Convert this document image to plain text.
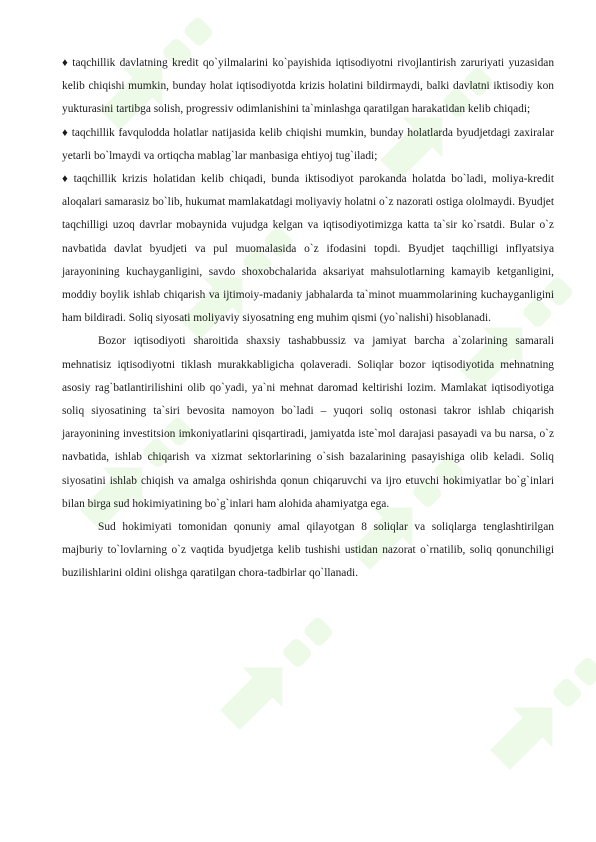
♦ taqchillik davlatning kredit qo`yilmalarini ko`payishida iqtisodiyotni rivojlantirish zaruriyati yuzasidan kelib chiqishi mumkin, bunday holat iqtisodiyotda krizis holatini bildirmaydi, balki davlatni iktisodiy kon yukturasini tartibga solish, progressiv odimlanishini ta`minlashga qaratilgan harakatidan kelib chiqadi;

♦ taqchillik favqulodda holatlar natijasida kelib chiqishi mumkin, bunday holatlarda byudjetdagi zaxiralar yetarli bo`lmaydi va ortiqcha mablag`lar manbasiga ehtiyoj tug`iladi;

♦ taqchillik krizis holatidan kelib chiqadi, bunda iktisodiyot parokanda holatda bo`ladi, moliya-kredit aloqalari samarasiz bo`lib, hukumat mamlakatdagi moliyaviy holatni o`z nazorati ostiga ololmaydi. Byudjet taqchilligi uzoq davrlar mobaynida vujudga kelgan va iqtisodiyotimizga katta ta`sir ko`rsatdi. Bular o`z navbatida davlat byudjeti va pul muomalasida o`z ifodasini topdi. Byudjet taqchilligi inflyatsiya jarayonining kuchayganligini, savdo shoxobchalarida aksariyat mahsulotlarning kamayib ketganligini, moddiy boylik ishlab chiqarish va ijtimoiy-madaniy jabhalarda ta`minot muammolarining kuchayganligini ham bildiradi. Soliq siyosati moliyaviy siyosatning eng muhim qismi (yo`nalishi) hisoblanadi.

Bozor iqtisodiyoti sharoitida shaxsiy tashabbussiz va jamiyat barcha a`zolarining samarali mehnatisiz iqtisodiyotni tiklash murakkabligicha qolaveradi. Soliqlar bozor iqtisodiyotida mehnatning asosiy rag`batlantirilishini olib qo`yadi, ya`ni mehnat daromad keltirishi lozim. Mamlakat iqtisodiyotiga soliq siyosatining ta`siri bevosita namoyon bo`ladi – yuqori soliq ostonasi takror ishlab chiqarish jarayonining investitsion imkoniyatlarini qisqartiradi, jamiyatda iste`mol darajasi pasayadi va bu narsa, o`z navbatida, ishlab chiqarish va xizmat sektorlarining o`sish bazalarining pasayishiga olib keladi. Soliq siyosatini ishlab chiqish va amalga oshirishda qonun chiqaruvchi va ijro etuvchi hokimiyatlar bo`g`inlari bilan birga sud hokimiyatining bo`g`inlari ham alohida ahamiyatga ega.

Sud hokimiyati tomonidan qonuniy amal qilayotgan 8 soliqlar va soliqlarga tenglashtirilgan majburiy to`lovlarning o`z vaqtida byudjetga kelib tushishi ustidan nazorat o`rnatilib, soliq qonunchiligi buzilishlarini oldini olishga qaratilgan chora-tadbirlar qo`llanadi.
